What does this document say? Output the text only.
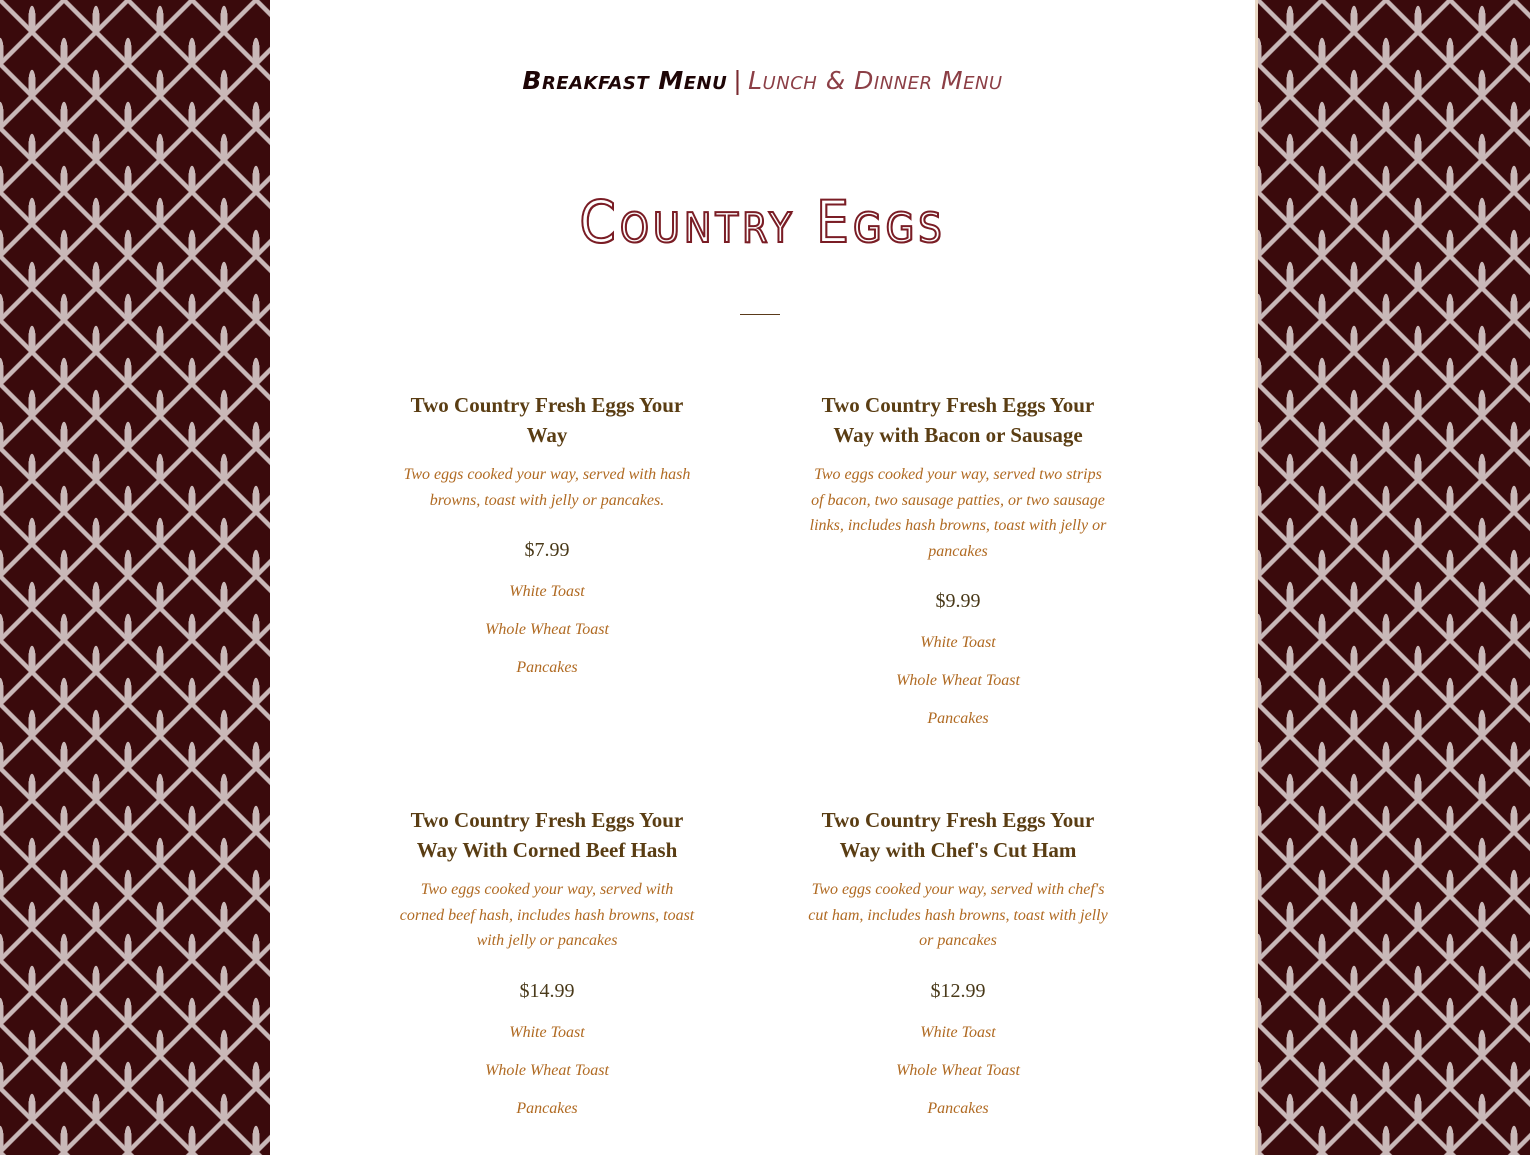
Breakfast Menu | Lunch & Dinner Menu
Country Eggs
Two Country Fresh Eggs Your Way

Two eggs cooked your way, served with hash browns, toast with jelly or pancakes.

$7.99
White Toast
Whole Wheat Toast
Pancakes
Two Country Fresh Eggs Your Way with Bacon or Sausage

Two eggs cooked your way, served two strips of bacon, two sausage patties, or two sausage links, includes hash browns, toast with jelly or pancakes

$9.99
White Toast
Whole Wheat Toast
Pancakes
Two Country Fresh Eggs Your Way With Corned Beef Hash

Two eggs cooked your way, served with corned beef hash, includes hash browns, toast with jelly or pancakes

$14.99
White Toast
Whole Wheat Toast
Pancakes
Two Country Fresh Eggs Your Way with Chef's Cut Ham

Two eggs cooked your way, served with chef's cut ham, includes hash browns, toast with jelly or pancakes

$12.99
White Toast
Whole Wheat Toast
Pancakes
